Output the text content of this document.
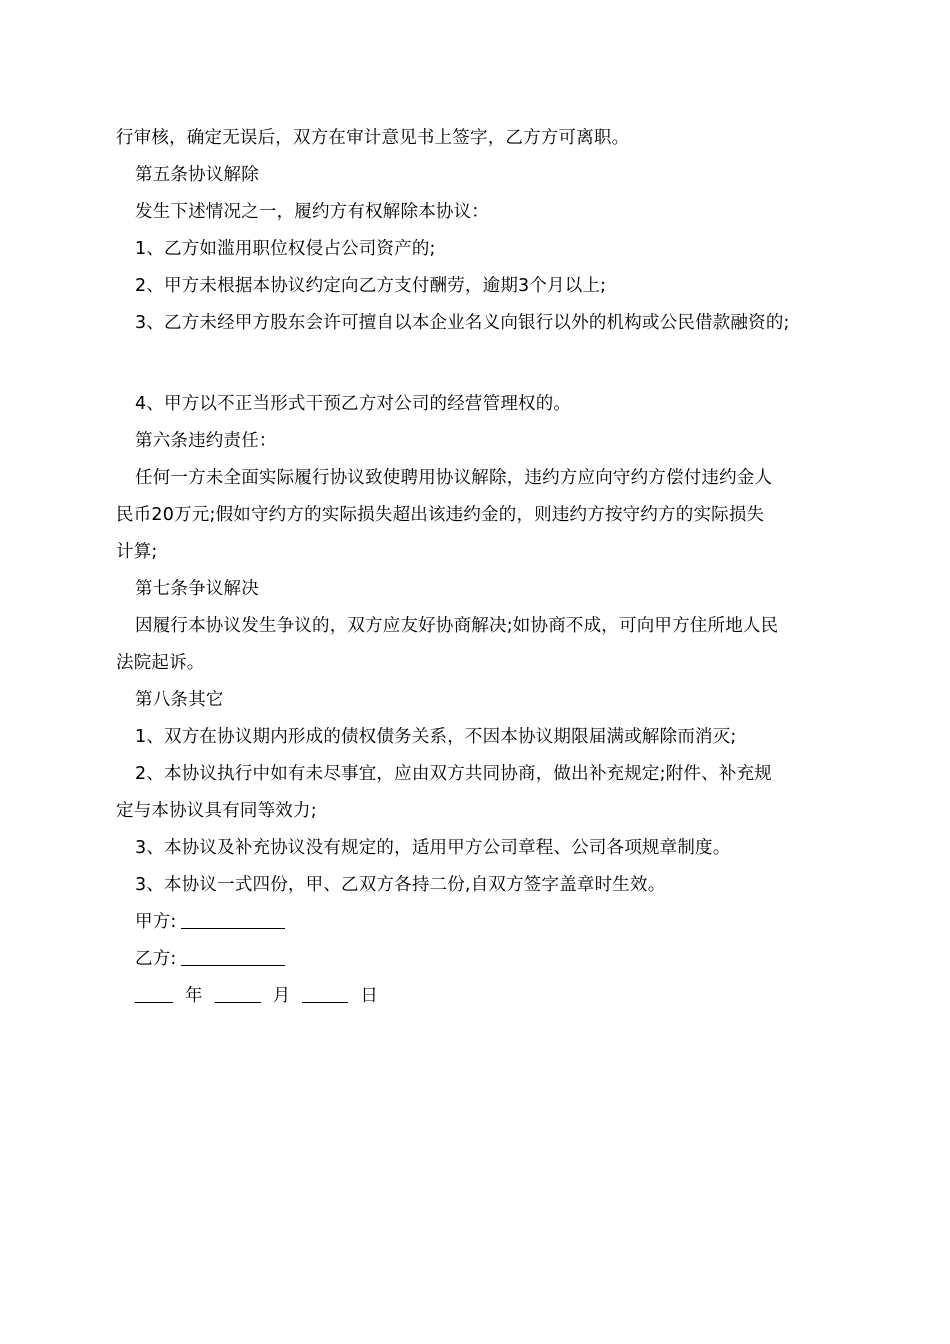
行审核，确定无误后，双方在审计意见书上签字，乙方方可离职。
第五条协议解除
发生下述情况之一，履约方有权解除本协议：
1、乙方如滥用职位权侵占公司资产的;
2、甲方未根据本协议约定向乙方支付酬劳，逾期3个月以上;
3、乙方未经甲方股东会许可擅自以本企业名义向银行以外的机构或公民借款融资的;
4、甲方以不正当形式干预乙方对公司的经营管理权的。
第六条违约责任：
任何一方未全面实际履行协议致使聘用协议解除，违约方应向守约方偿付违约金人
民币20万元;假如守约方的实际损失超出该违约金的，则违约方按守约方的实际损失
计算;
第七条争议解决
因履行本协议发生争议的，双方应友好协商解决;如协商不成，可向甲方住所地人民
法院起诉。
第八条其它
1、双方在协议期内形成的债权债务关系，不因本协议期限届满或解除而消灭;
2、本协议执行中如有未尽事宜，应由双方共同协商，做出补充规定;附件、补充规
定与本协议具有同等效力;
3、本协议及补充协议没有规定的，适用甲方公司章程、公司各项规章制度。
3、本协议一式四份，甲、乙双方各持二份,自双方签字盖章时生效。
甲方:
乙方:
年	月	日
